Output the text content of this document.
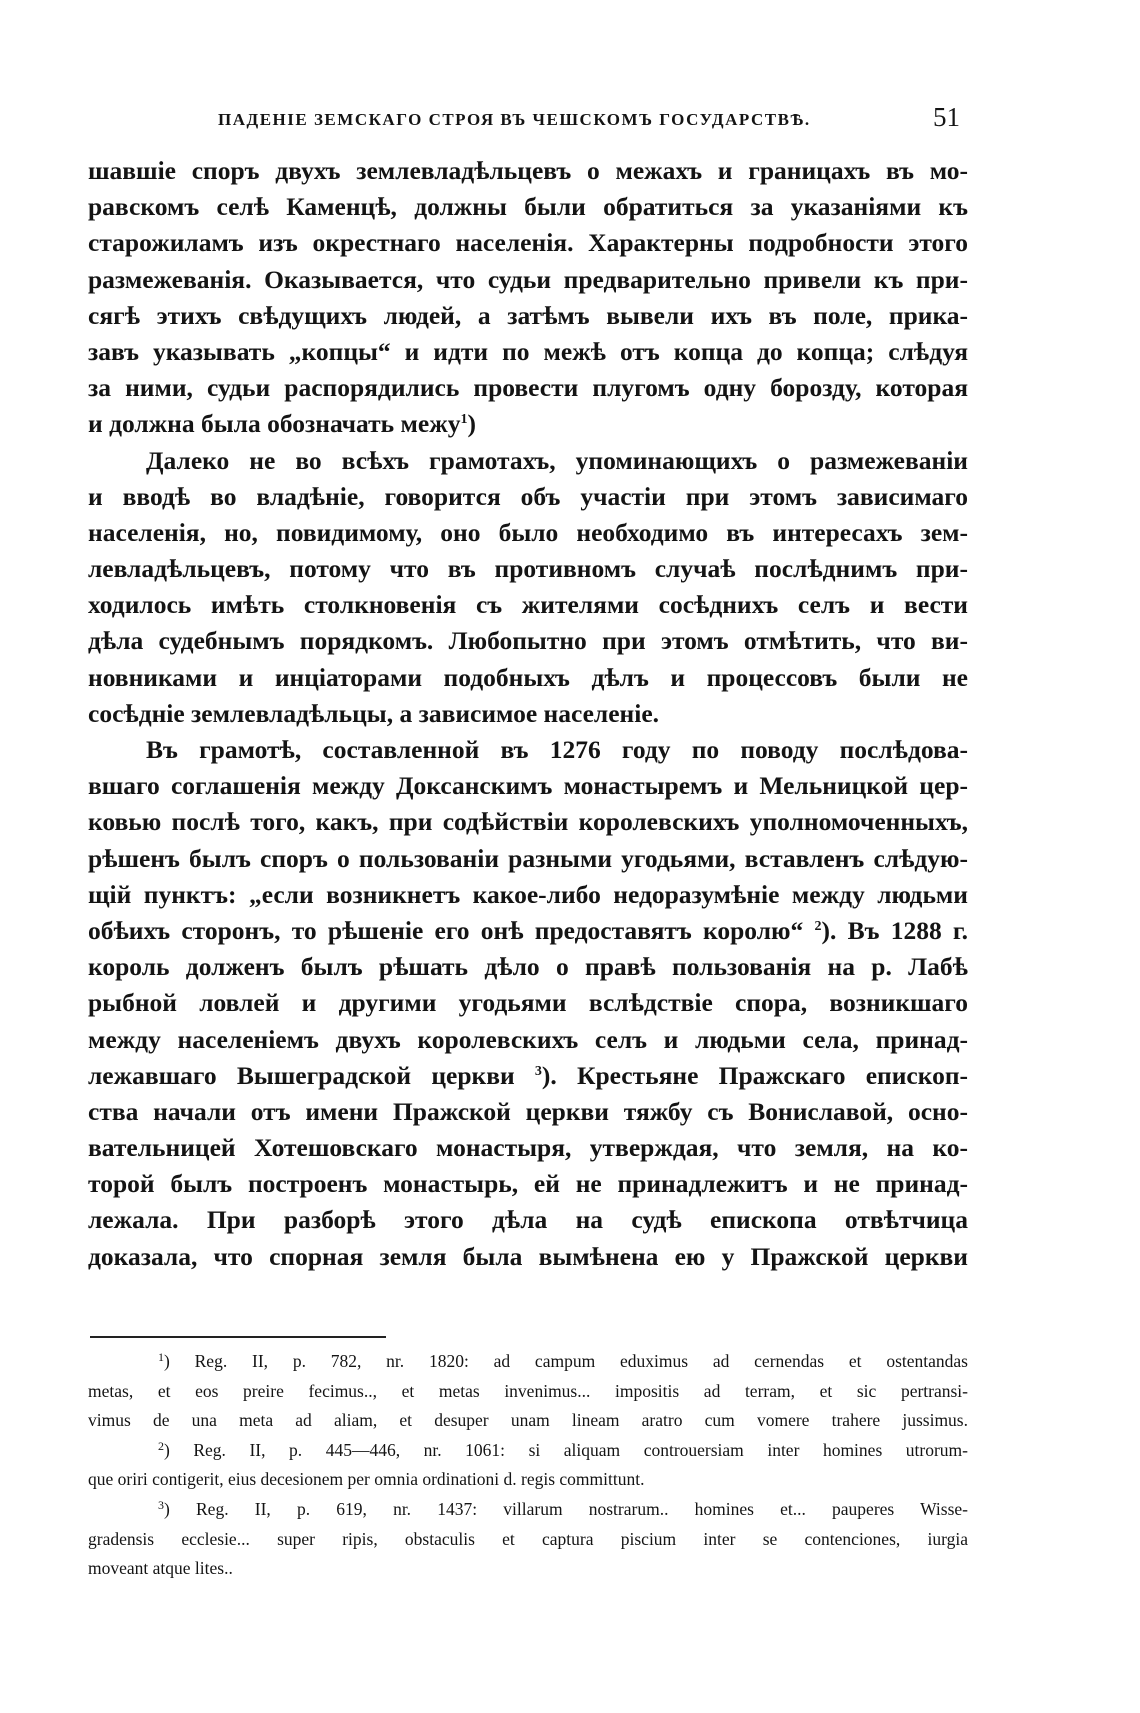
ПАДЕНІЕ ЗЕМСКАГО СТРОЯ ВЪ ЧЕШСКОМЪ ГОСУДАРСТВѢ.	51
шавшіе споръ двухъ землевладѣльцевъ о межахъ и границахъ въ мо-
равскомъ селѣ Каменцѣ, должны были обратиться за указаніями къ
старожиламъ изъ окрестнаго населенія. Характерны подробности этого
размежеванія. Оказывается, что судьи предварительно привели къ при-
сягѣ этихъ свѣдущихъ людей, а затѣмъ вывели ихъ въ поле, прика-
завъ указывать „копцы“ и идти по межѣ отъ копца до копца; слѣдуя
за ними, судьи распорядились провести плугомъ одну борозду, которая
и должна была обозначать межу$^1$)
Далеко не во всѣхъ грамотахъ, упоминающихъ о размежеваніи
и вводѣ во владѣніе, говорится объ участіи при этомъ зависимаго
населенія, но, повидимому, оно было необходимо въ интересахъ зем-
левладѣльцевъ, потому что въ противномъ случаѣ послѣднимъ при-
ходилось имѣть столкновенія съ жителями сосѣднихъ селъ и вести
дѣла судебнымъ порядкомъ. Любопытно при этомъ отмѣтить, что ви-
новниками и инціаторами подобныхъ дѣлъ и процессовъ были не
сосѣдніе землевладѣльцы, а зависимое населеніе.
Въ грамотѣ, составленной въ 1276 году по поводу послѣдова-
вшаго соглашенія между Доксанскимъ монастыремъ и Мельницкой цер-
ковью послѣ того, какъ, при содѣйствіи королевскихъ уполномоченныхъ,
рѣшенъ былъ споръ о пользованіи разными угодьями, вставленъ слѣдую-
щій пунктъ: „если возникнетъ какое-либо недоразумѣніе между людьми
обѣихъ сторонъ, то рѣшеніе его онѣ предоставятъ королю“ $^2$). Въ 1288 г.
король долженъ былъ рѣшать дѣло о правѣ пользованія на р. Лабѣ
рыбной ловлей и другими угодьями вслѣдствіе спора, возникшаго
между населеніемъ двухъ королевскихъ селъ и людьми села, принад-
лежавшаго Вышеградской церкви $^3$). Крестьяне Пражскаго епископ-
ства начали отъ имени Пражской церкви тяжбу съ Вониславой, осно-
вательницей Хотешовскаго монастыря, утверждая, что земля, на ко-
торой былъ построенъ монастырь, ей не принадлежитъ и не принад-
лежала. При разборѣ этого дѣла на судѣ епископа отвѣтчица
доказала, что спорная земля была вымѣнена ею у Пражской церкви
$^1$) Reg. II, p. 782, nr. 1820: ad campum eduximus ad cernendas et ostentandas
metas, et eos preire fecimus.., et metas invenimus... impositis ad terram, et sic pertransi-
vimus de una meta ad aliam, et desuper unam lineam aratro cum vomere trahere jussimus.
$^2$) Reg. II, p. 445—446, nr. 1061: si aliquam controuersiam inter homines utrorum-
que oriri contigerit, eius decesionem per omnia ordinationi d. regis committunt.
$^3$) Reg. II, p. 619, nr. 1437: villarum nostrarum.. homines et... pauperes Wisse-
gradensis ecclesie... super ripis, obstaculis et captura piscium inter se contenciones, iurgia
moveant atque lites..
